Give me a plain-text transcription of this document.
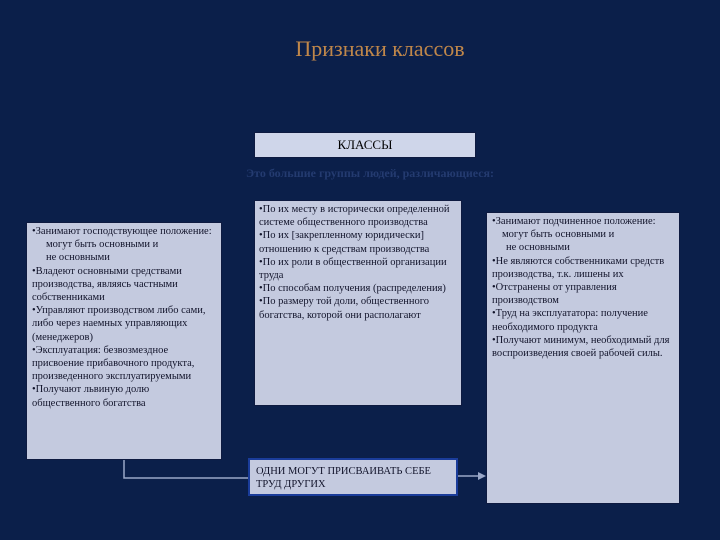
Признаки классов
КЛАССЫ
Это большие группы людей, различающиеся:

•Занимают господствующее положение:

могут быть основными и

не основными

•Владеют основными средствами производства, являясь частными собственниками

•Управляют производством либо сами, либо через наемных управляющих (менеджеров)

•Эксплуатация: безвозмездное присвоение прибавочного продукта, произведенного эксплуатируемыми

•Получают львиную долю общественного богатства

•По их месту в исторически определенной системе общественного производства

•По их [закрепленному юридически] отношению к средствам производства

•По их роли в общественной организации труда

•По способам получения (распределения)

•По размеру той доли, общественного богатства, которой они располагают

•Занимают подчиненное положение:

могут быть основными и

не основными

•Не являются собственниками средств производства, т.к. лишены их

•Отстранены от управления производством

•Труд на эксплуататора: получение необходимого продукта

•Получают минимум, необходимый для воспроизведения своей рабочей силы.

ОДНИ МОГУТ ПРИСВАИВАТЬ СЕБЕ ТРУД ДРУГИХ
